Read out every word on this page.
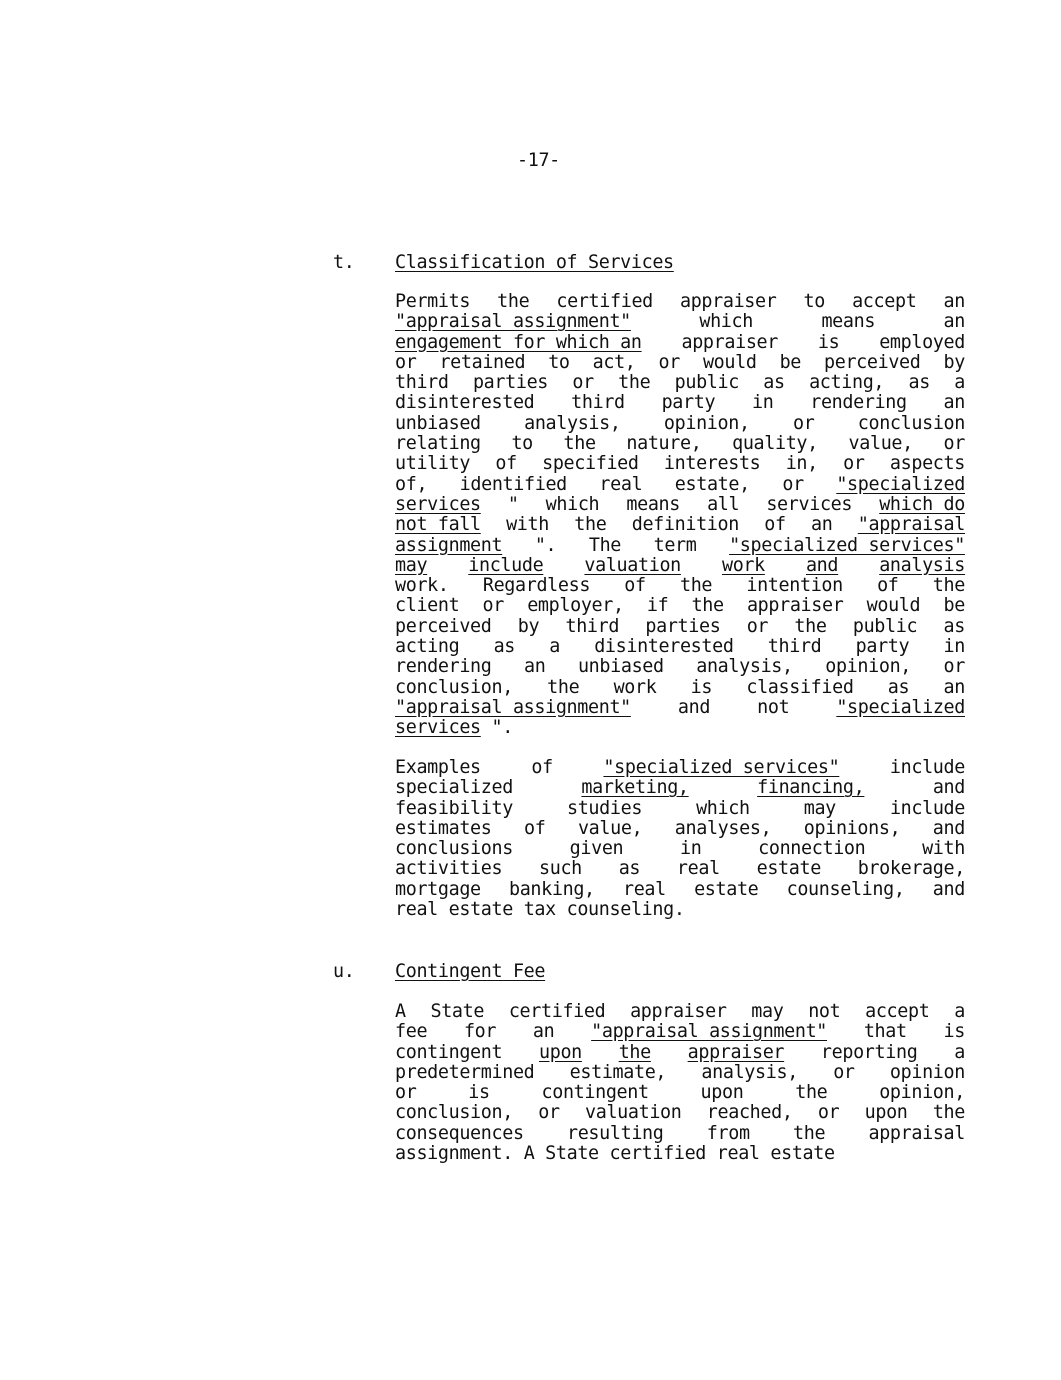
-17-
t. Classification of Services
Permits the certified appraiser to accept an
"appraisal assignment"	which	means	an
engagement for which an appraiser is employed
or retained to act, or would be perceived by
third parties or the public as acting, as a
disinterested third party in rendering an
unbiased analysis, opinion, or conclusion
relating to the nature, quality, value, or
utility of specified interests in, or aspects
of, identified real estate, or "specialized
services " which means all services which do
not fall with the definition of an "appraisal
assignment ". The term "specialized services"
may include valuation work and analysis
work. Regardless of the intention of the
client or employer, if the appraiser would be
perceived by third parties or the public as
acting as a disinterested third party in
rendering an unbiased analysis, opinion, or
conclusion, the work is classified as an
"appraisal assignment"	and	not	"specialized
services
".
Examples	of	"specialized services"	include
specialized	marketing,	financing,	and
feasibility	studies	which	may	include
estimates of value, analyses, opinions, and
conclusions	given	in	connection	with
activities such as real estate brokerage,
mortgage banking, real estate counseling, and
real
estate
tax
counseling.
u. Contingent Fee
A State certified appraiser may not accept a
fee for an "appraisal assignment" that is
contingent upon the appraiser reporting a
predetermined estimate, analysis, or opinion
or	is	contingent	upon	the	opinion,
conclusion, or valuation reached, or upon the
consequences resulting from the appraisal
assignment.
A
State
certified
real
estate
